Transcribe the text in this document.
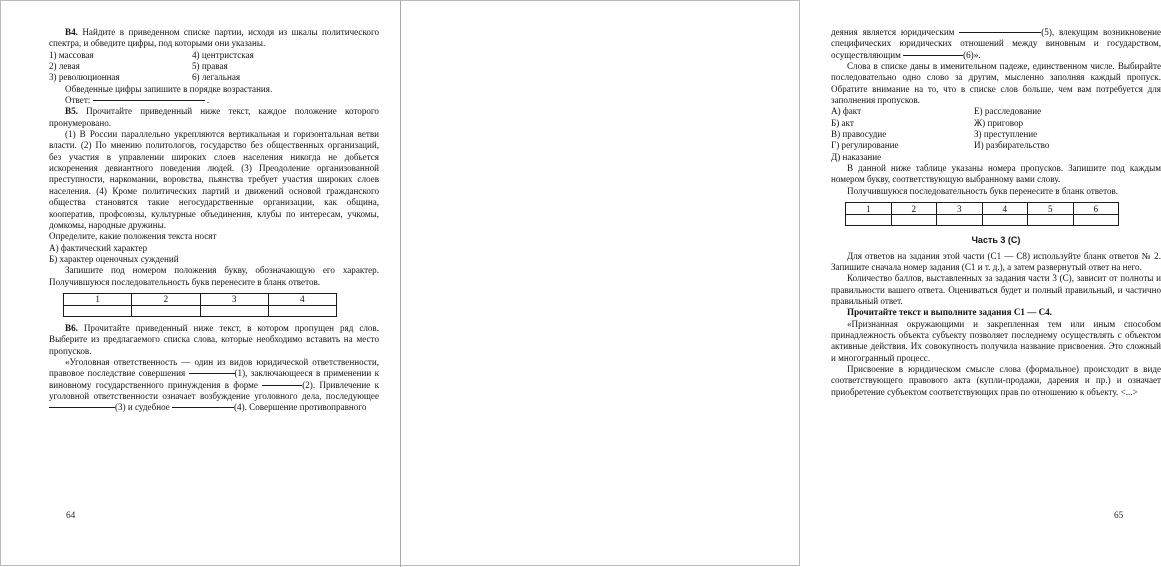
В4. Найдите в приведенном списке партии, исходя из шкалы политического спектра, и обведите цифры, под которыми они указаны.

1) массовая	4) центристская
2) левая	5) правая
3) революционная	6) легальная

Обведенные цифры запишите в порядке возрастания.

Ответ:	.

В5. Прочитайте приведенный ниже текст, каждое положение которого пронумеровано.

(1) В России параллельно укрепляются вертикальная и горизонтальная ветви власти. (2) По мнению политологов, государство без общественных организаций, без участия в управлении широких слоев населения никогда не добьется искоренения девиантного поведения людей. (3) Преодоление организованной преступности, наркомании, воровства, пьянства требует участия широких слоев населения. (4) Кроме политических партий и движений основой гражданского общества становятся такие негосударственные организации, как община, кооператив, профсоюзы, культурные объединения, клубы по интересам, учкомы, домкомы, народные дружины.

Определите, какие положения текста носят

А) фактический характер

Б) характер оценочных суждений

Запишите под номером положения букву, обозначающую его характер. Получившуюся последовательность букв перенесите в бланк ответов.

1	2	3	4

В6. Прочитайте приведенный ниже текст, в котором пропущен ряд слов. Выберите из предлагаемого списка слова, которые необходимо вставить на место пропусков.

«Уголовная ответственность — один из видов юридической ответственности, правовое последствие совершения	(1), заключающееся в применении к виновному государственного принуждения в форме	(2). Привлечение к уголовной ответственности означает возбуждение уголовного дела, последующее (3) и судебное	(4). Совершение противоправного

64

деяния является юридическим	(5), влекущим возникновение специфических юридических отношений между виновным и государством, осуществляющим	(6)».

Слова в списке даны в именительном падеже, единственном числе. Выбирайте последовательно одно слово за другим, мысленно заполняя каждый пропуск. Обратите внимание на то, что в списке слов больше, чем вам потребуется для заполнения пропусков.

А) факт	Е) расследование
Б) акт	Ж) приговор
В) правосудие	З) преступление
Г) регулирование	И) разбирательство

Д) наказание

В данной ниже таблице указаны номера пропусков. Запишите под каждым номером букву, соответствующую выбранному вами слову.

Получившуюся последовательность букв перенесите в бланк ответов.

1	2	3	4	5	6

Часть 3 (С)

Для ответов на задания этой части (С1 — С8) используйте бланк ответов № 2. Запишите сначала номер задания (С1 и т. д.), а затем развернутый ответ на него.

Количество баллов, выставленных за задания части 3 (С), зависит от полноты и правильности вашего ответа. Оцениваться будет и полный правильный, и частично правильный ответ.

Прочитайте текст и выполните задания С1 — С4.

«Признанная окружающими и закрепленная тем или иным способом принадлежность объекта субъекту позволяет последнему осуществлять с объектом активные действия. Их совокупность получила название присвоения. Это сложный и многогранный процесс.

Присвоение в юридическом смысле слова (формальное) происходит в виде соответствующего правового акта (купли-продажи, дарения и пр.) и означает приобретение субъектом соответствующих прав по отношению к объекту. <...>

65
